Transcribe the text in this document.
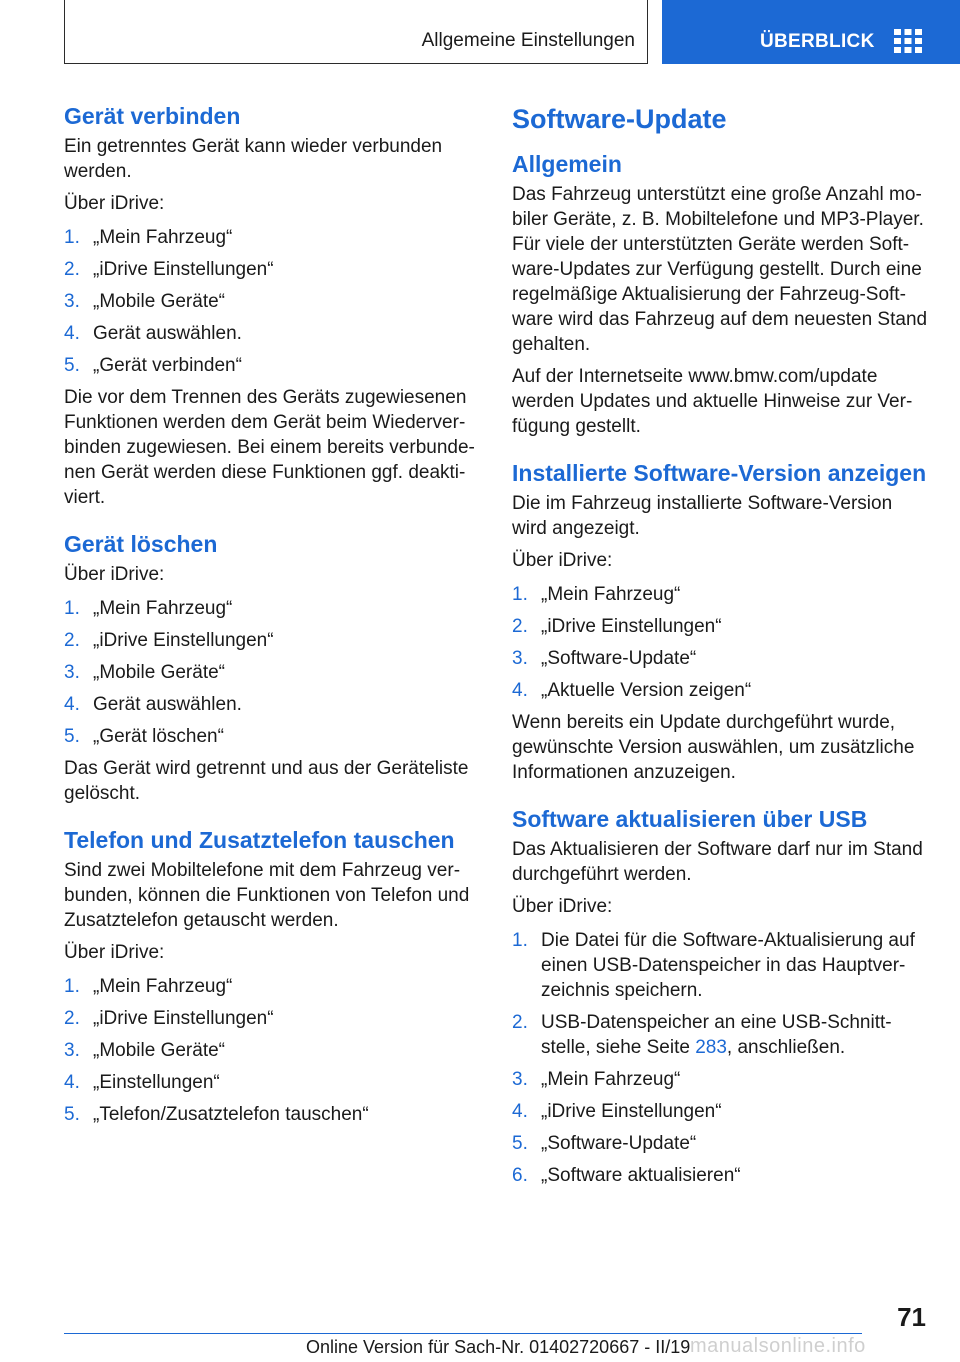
Allgemeine Einstellungen	ÜBERBLICK
Gerät verbinden

Ein getrenntes Gerät kann wieder verbunden werden.

Über iDrive:

1. „Mein Fahrzeug“
2. „iDrive Einstellungen“
3. „Mobile Geräte“
4. Gerät auswählen.
5. „Gerät verbinden“

Die vor dem Trennen des Geräts zugewiesenen Funktionen werden dem Gerät beim Wiederverbinden zugewiesen. Bei einem bereits verbundenen Gerät werden diese Funktionen ggf. deaktiviert.

Gerät löschen

Über iDrive:

1. „Mein Fahrzeug“
2. „iDrive Einstellungen“
3. „Mobile Geräte“
4. Gerät auswählen.
5. „Gerät löschen“

Das Gerät wird getrennt und aus der Geräteliste gelöscht.

Telefon und Zusatztelefon tauschen

Sind zwei Mobiltelefone mit dem Fahrzeug verbunden, können die Funktionen von Telefon und Zusatztelefon getauscht werden.

Über iDrive:

1. „Mein Fahrzeug“
2. „iDrive Einstellungen“
3. „Mobile Geräte“
4. „Einstellungen“
5. „Telefon/Zusatztelefon tauschen“
Software-Update
Allgemein

Das Fahrzeug unterstützt eine große Anzahl mobiler Geräte, z. B. Mobiltelefone und MP3-Player. Für viele der unterstützten Geräte werden Software-Updates zur Verfügung gestellt. Durch eine regelmäßige Aktualisierung der Fahrzeug-Software wird das Fahrzeug auf dem neuesten Stand gehalten.

Auf der Internetseite www.bmw.com/update werden Updates und aktuelle Hinweise zur Verfügung gestellt.

Installierte Software-Version anzeigen

Die im Fahrzeug installierte Software-Version wird angezeigt.

Über iDrive:

1. „Mein Fahrzeug“
2. „iDrive Einstellungen“
3. „Software-Update“
4. „Aktuelle Version zeigen“

Wenn bereits ein Update durchgeführt wurde, gewünschte Version auswählen, um zusätzliche Informationen anzuzeigen.

Software aktualisieren über USB

Das Aktualisieren der Software darf nur im Stand durchgeführt werden.

Über iDrive:

1. Die Datei für die Software-Aktualisierung auf einen USB-Datenspeicher in das Hauptverzeichnis speichern.
2. USB-Datenspeicher an eine USB-Schnittstelle, siehe Seite 283, anschließen.
3. „Mein Fahrzeug“
4. „iDrive Einstellungen“
5. „Software-Update“
6. „Software aktualisieren“
71
Online Version für Sach-Nr. 01402720667 - II/19 manualsonline.info
